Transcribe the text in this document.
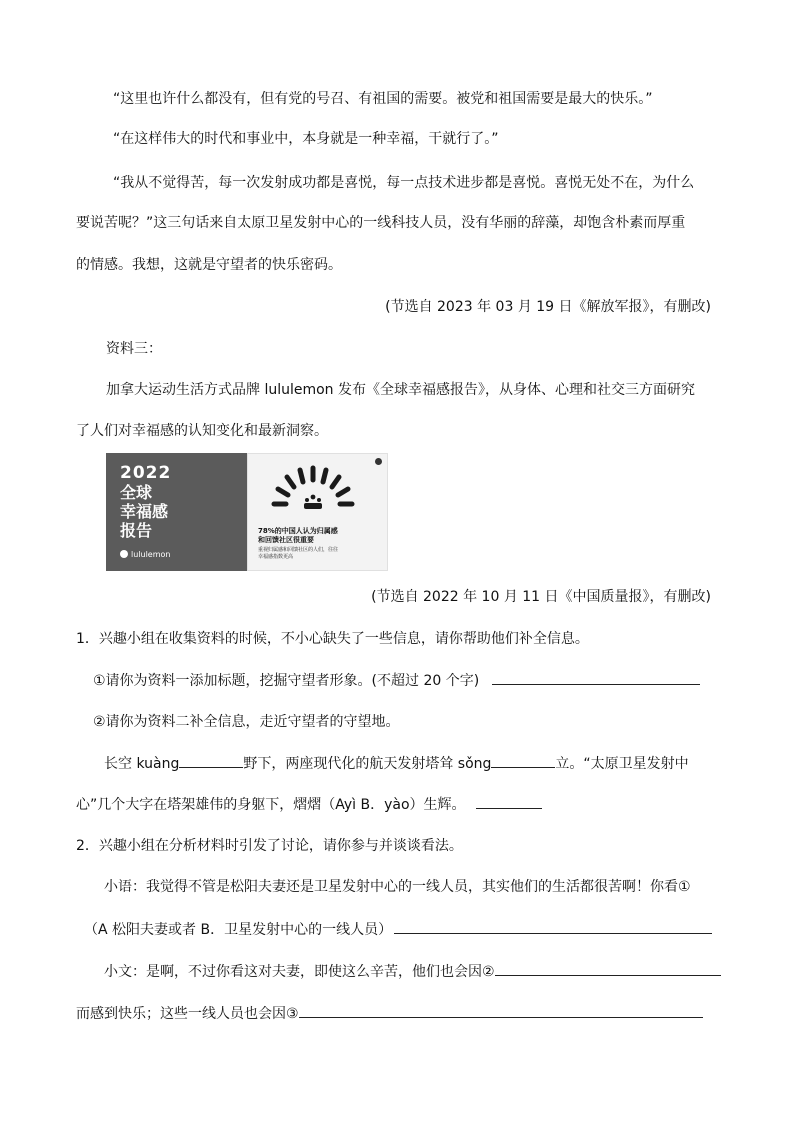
“这里也许什么都没有，但有党的号召、有祖国的需要。被党和祖国需要是最大的快乐。”
“在这样伟大的时代和事业中，本身就是一种幸福，干就行了。”
“我从不觉得苦，每一次发射成功都是喜悦，每一点技术进步都是喜悦。喜悦无处不在，为什么
要说苦呢？”这三句话来自太原卫星发射中心的一线科技人员，没有华丽的辞藻，却饱含朴素而厚重
的情感。我想，这就是守望者的快乐密码。
(节选自 2023 年 03 月 19 日《解放军报》，有删改)
资料三：
加拿大运动生活方式品牌 lululemon 发布《全球幸福感报告》，从身体、心理和社交三方面研究
了人们对幸福感的认知变化和最新洞察。
2022
全球
幸福感
报告
lululemon
78%的中国人认为归属感
和回馈社区很重要
重视归属感和回馈社区的人们，往往
幸福感指数更高
(节选自 2022 年 10 月 11 日《中国质量报》，有删改)
1．兴趣小组在收集资料的时候，不小心缺失了一些信息，请你帮助他们补全信息。
①请你为资料一添加标题，挖掘守望者形象。(不超过 20 个字)
②请你为资料二补全信息，走近守望者的守望地。
长空 kuàng	野下，两座现代化的航天发射塔耸 sǒng	立。“太原卫星发射中
心”几个大字在塔架雄伟的身躯下，熠熠（Ayì B．yào）生辉。
2．兴趣小组在分析材料时引发了讨论，请你参与并谈谈看法。
小语：我觉得不管是松阳夫妻还是卫星发射中心的一线人员，其实他们的生活都很苦啊！你看①
（A 松阳夫妻或者 B．卫星发射中心的一线人员）
小文：是啊，不过你看这对夫妻，即使这么辛苦，他们也会因②
而感到快乐；这些一线人员也会因③
